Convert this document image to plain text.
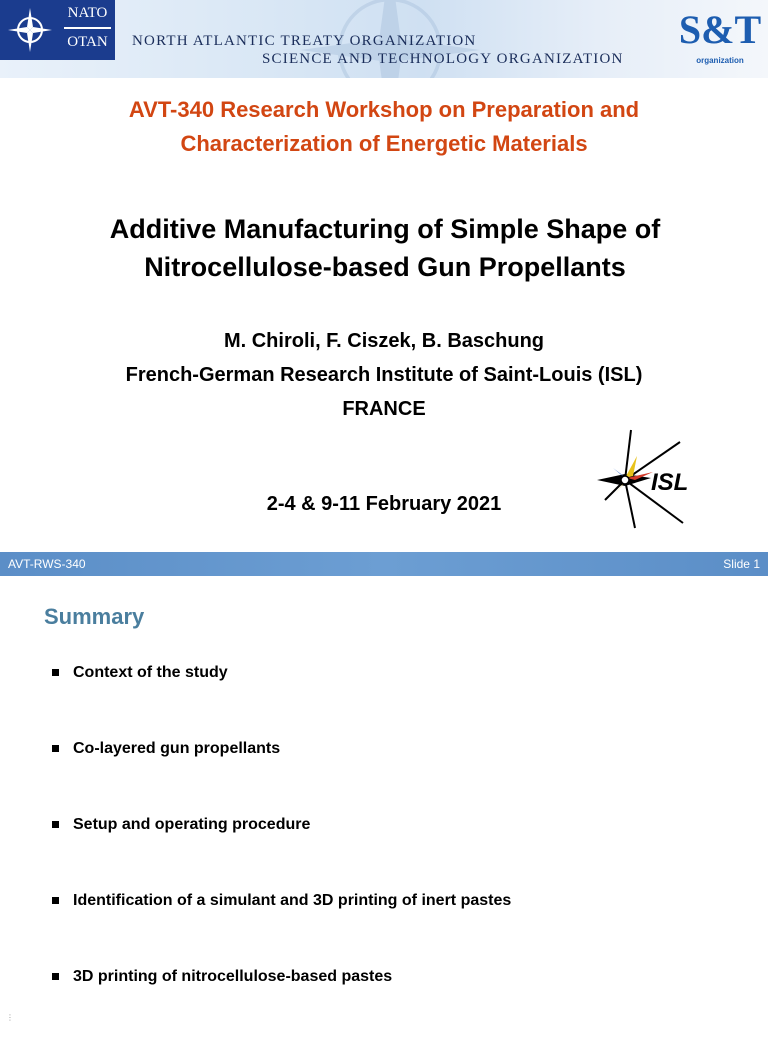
NATO
OTAN	NORTH ATLANTIC TREATY ORGANIZATION
SCIENCE AND TECHNOLOGY ORGANIZATION
S&T
organization
AVT-340 Research Workshop on Preparation and
Characterization of Energetic Materials
Additive Manufacturing of Simple Shape of
Nitrocellulose-based Gun Propellants
M. Chiroli, F. Ciszek, B. Baschung
French-German Research Institute of Saint-Louis (ISL)
FRANCE
2-4 & 9-11 February 2021
ISL
AVT-RWS-340	Slide 1
Summary
Context of the study
Co-layered gun propellants
Setup and operating procedure
Identification of a simulant and 3D printing of inert pastes
3D printing of nitrocellulose-based pastes
⋮
